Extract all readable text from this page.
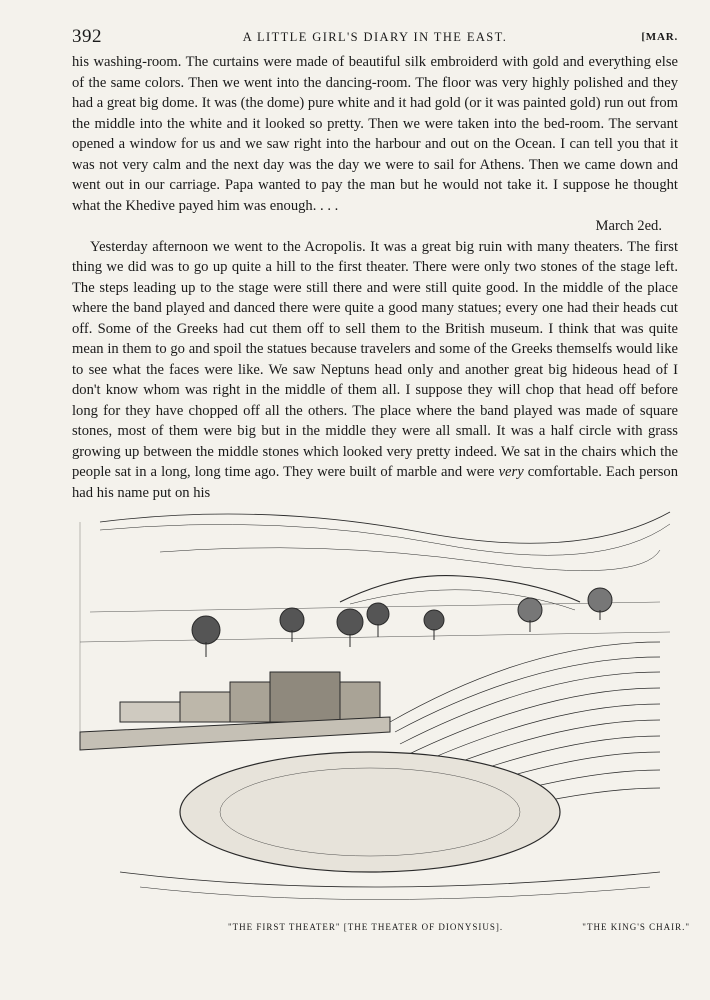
392	A LITTLE GIRL'S DIARY IN THE EAST.	[MAR.

his washing-room. The curtains were made of beautiful silk embroiderd with gold and everything else of the same colors. Then we went into the dancing-room. The floor was very highly polished and they had a great big dome. It was (the dome) pure white and it had gold (or it was painted gold) run out from the middle into the white and it looked so pretty. Then we were taken into the bed-room. The servant opened a window for us and we saw right into the harbour and out on the Ocean. I can tell you that it was not very calm and the next day was the day we were to sail for Athens. Then we came down and went out in our carriage. Papa wanted to pay the man but he would not take it. I suppose he thought what the Khedive payed him was enough. . . .

March 2ed.

Yesterday afternoon we went to the Acropolis. It was a great big ruin with many theaters. The first thing we did was to go up quite a hill to the first theater. There were only two stones of the stage left. The steps leading up to the stage were still there and were still quite good. In the middle of the place where the band played and danced there were quite a good many statues; every one had their heads cut off. Some of the Greeks had cut them off to sell them to the British museum. I think that was quite mean in them to go and spoil the statues because travelers and some of the Greeks themselfs would like to see what the faces were like. We saw Neptuns head only and another great big hideous head of I don't know whom was right in the middle of them all. I suppose they will chop that head off before long for they have chopped off all the others. The place where the band played was made of square stones, most of them were big but in the middle they were all small. It was a half circle with grass growing up between the middle stones which looked very pretty indeed. We sat in the chairs which the people sat in a long, long time ago. They were built of marble and were very comfortable. Each person had his name put on his

"THE FIRST THEATER" [THE THEATER OF DIONYSIUS].	"THE KING'S CHAIR."
